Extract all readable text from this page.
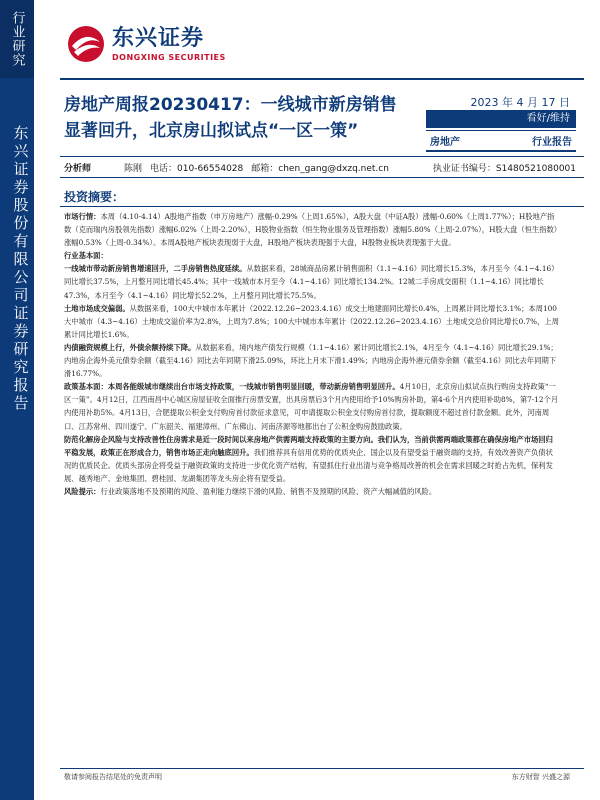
行业研究
东兴证券股份有限公司证券研究报告
东兴证券
DONGXING SECURITIES
房地产周报20230417：一线城市新房销售
显著回升，北京房山拟试点“一区一策”
2023 年 4 月 17 日
看好/维持
房地产	行业报告
分析师	陈刚 电话：010-66554028 邮箱：chen_gang@dxzq.net.cn	执业证书编号：S1480521080001
投资摘要：

市场行情：本周（4.10-4.14）A股地产指数（申万房地产）涨幅-0.29%（上周1.65%），A股大盘（中证A股）涨幅-0.60%（上周1.77%）；H股地产指数（克而瑞内房股领先指数）涨幅6.02%（上周-2.20%），H股物业指数（恒生物业服务及管理指数）涨幅5.80%（上周-2.07%），H股大盘（恒生指数）涨幅0.53%（上周-0.34%）。本周A股地产板块表现弱于大盘，H股地产板块表现强于大盘，H股物业板块表现强于大盘。

行业基本面：

一线城市带动新房销售增速回升，二手房销售热度延续。从数据来看，28城商品房累计销售面积（1.1~4.16）同比增长15.3%，本月至今（4.1~4.16）同比增长37.5%，上月整月同比增长45.4%；其中一线城市本月至今（4.1~4.16）同比增长134.2%。12城二手房成交面积（1.1~4.16）同比增长47.3%，本月至今（4.1~4.16）同比增长52.2%，上月整月同比增长75.5%。

土地市场成交偏弱。从数据来看，100大中城市本年累计（2022.12.26~2023.4.16）成交土地建面同比增长0.4%，上周累计同比增长3.1%；本周100大中城市（4.3~4.16）土地成交溢价率为2.8%，上周为7.8%；100大中城市本年累计（2022.12.26~2023.4.16）土地成交总价同比增长0.7%，上周累计同比增长1.6%。

内债融资规模上行，外债余额持续下降。从数据来看，境内地产债发行规模（1.1~4.16）累计同比增长2.1%，4月至今（4.1~4.16）同比增长29.1%；内地房企海外美元债券余额（截至4.16）同比去年同期下滑25.09%，环比上月末下滑1.49%；内地房企海外港元债券余额（截至4.16）同比去年同期下滑16.77%。

政策基本面：本周各能级城市继续出台市场支持政策，一线城市销售明显回暖，带动新房销售明显回升。4月10日，北京房山拟试点执行购房支持政策“一区一策”。4月12日，江西南昌中心城区房屋征收全面推行房票安置，出具房票后3个月内使用给予10%购房补助，第4-6个月内使用补助8%，第7-12个月内使用补助5%。4月13日，合肥提取公积金支付购房首付款征求意见，可申请提取公积金支付购房首付款，提取额度不超过首付款金额。此外，河南周口、江苏常州、四川遂宁、广东韶关、福建漳州、广东佛山、河南济源等地都出台了公积金购房鼓励政策。

防范化解房企风险与支持改善性住房需求是近一段时间以来房地产供需两端支持政策的主要方向。我们认为，当前供需两端政策都在确保房地产市场回归平稳发展，政策正在形成合力，销售市场正走向触底回升。我们推荐具有信用优势的优质央企、国企以及有望受益于融资端的支持，有效改善资产负债状况的优质民企。优质头部房企将受益于融资政策的支持进一步优化资产结构，有望抓住行业出清与竞争格局改善的机会在需求回暖之时抢占先机，保利发展、越秀地产、金地集团、碧桂园、龙湖集团等龙头房企将有望受益。

风险提示：行业政策落地不及预期的风险、盈利能力继续下滑的风险、销售不及预期的风险、资产大幅减值的风险。

敬请参阅报告结尾处的免责声明	东方财智 兴盛之源
